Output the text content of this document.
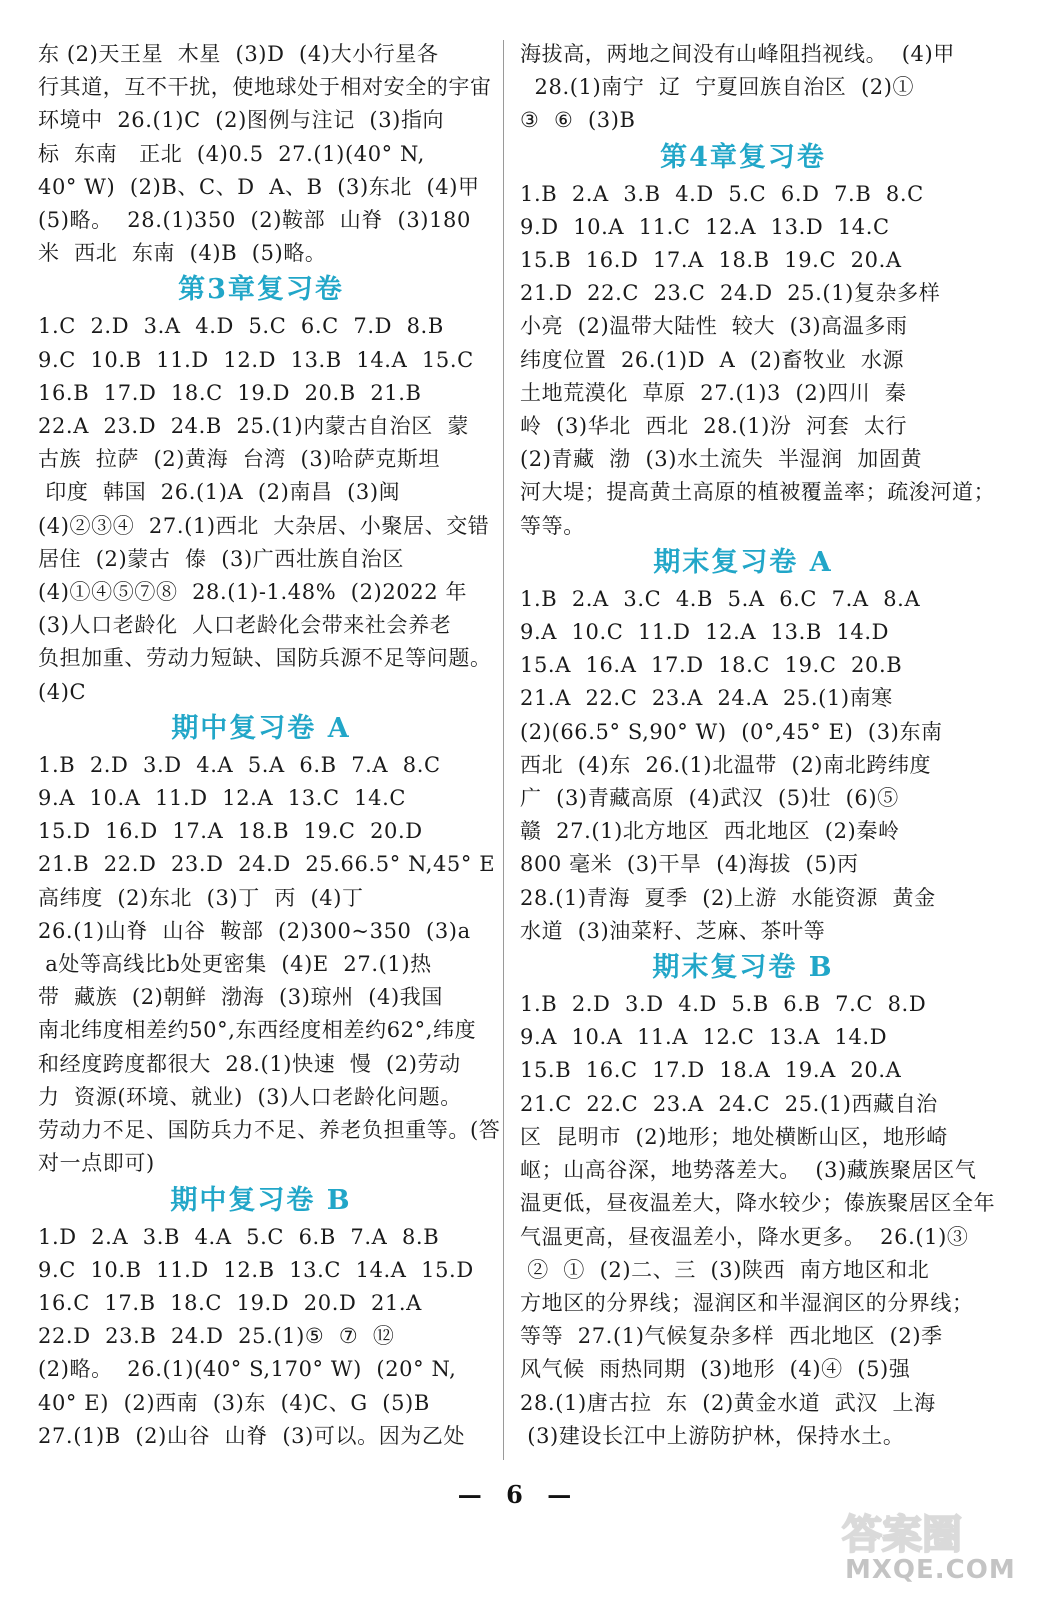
东 (2)天王星  木星  (3)D  (4)大小行星各
行其道，互不干扰，使地球处于相对安全的宇宙
环境中  26.(1)C  (2)图例与注记  (3)指向
标  东南   正北  (4)0.5  27.(1)(40° N,
40° W)  (2)B、C、D  A、B  (3)东北  (4)甲
(5)略。  28.(1)350  (2)鞍部  山脊  (3)180
米  西北  东南  (4)B  (5)略。
第3章复习卷
1.C  2.D  3.A  4.D  5.C  6.C  7.D  8.B
9.C  10.B  11.D  12.D  13.B  14.A  15.C
16.B  17.D  18.C  19.D  20.B  21.B
22.A  23.D  24.B  25.(1)内蒙古自治区  蒙
古族  拉萨  (2)黄海  台湾  (3)哈萨克斯坦
印度  韩国  26.(1)A  (2)南昌  (3)闽
(4)②③④  27.(1)西北  大杂居、小聚居、交错
居住  (2)蒙古  傣  (3)广西壮族自治区
(4)①④⑤⑦⑧  28.(1)-1.48%  (2)2022 年
(3)人口老龄化  人口老龄化会带来社会养老
负担加重、劳动力短缺、国防兵源不足等问题。
(4)C
期中复习卷 A
1.B  2.D  3.D  4.A  5.A  6.B  7.A  8.C
9.A  10.A  11.D  12.A  13.C  14.C
15.D  16.D  17.A  18.B  19.C  20.D
21.B  22.D  23.D  24.D  25.66.5° N,45° E
高纬度  (2)东北  (3)丁  丙  (4)丁
26.(1)山脊  山谷  鞍部  (2)300~350  (3)a
a处等高线比b处更密集  (4)E  27.(1)热
带  藏族  (2)朝鲜  渤海  (3)琼州  (4)我国
南北纬度相差约50°,东西经度相差约62°,纬度
和经度跨度都很大  28.(1)快速  慢  (2)劳动
力  资源(环境、就业)  (3)人口老龄化问题。
劳动力不足、国防兵力不足、养老负担重等。(答
对一点即可)
期中复习卷 B
1.D  2.A  3.B  4.A  5.C  6.B  7.A  8.B
9.C  10.B  11.D  12.B  13.C  14.A  15.D
16.C  17.B  18.C  19.D  20.D  21.A
22.D  23.B  24.D  25.(1)⑤  ⑦  ⑫
(2)略。  26.(1)(40° S,170° W)  (20° N,
40° E)  (2)西南  (3)东  (4)C、G  (5)B
27.(1)B  (2)山谷  山脊  (3)可以。因为乙处
海拔高，两地之间没有山峰阻挡视线。  (4)甲
28.(1)南宁  辽  宁夏回族自治区  (2)①
③  ⑥  (3)B
第4章复习卷
1.B  2.A  3.B  4.D  5.C  6.D  7.B  8.C
9.D  10.A  11.C  12.A  13.D  14.C
15.B  16.D  17.A  18.B  19.C  20.A
21.D  22.C  23.C  24.D  25.(1)复杂多样
小亮  (2)温带大陆性  较大  (3)高温多雨
纬度位置  26.(1)D  A  (2)畜牧业  水源
土地荒漠化  草原  27.(1)3  (2)四川  秦
岭  (3)华北  西北  28.(1)汾  河套  太行
(2)青藏  渤  (3)水土流失  半湿润  加固黄
河大堤；提高黄土高原的植被覆盖率；疏浚河道；
等等。
期末复习卷 A
1.B  2.A  3.C  4.B  5.A  6.C  7.A  8.A
9.A  10.C  11.D  12.A  13.B  14.D
15.A  16.A  17.D  18.C  19.C  20.B
21.A  22.C  23.A  24.A  25.(1)南寒
(2)(66.5° S,90° W)  (0°,45° E)  (3)东南
西北  (4)东  26.(1)北温带  (2)南北跨纬度
广  (3)青藏高原  (4)武汉  (5)壮  (6)⑤
赣  27.(1)北方地区  西北地区  (2)秦岭
800 毫米  (3)干旱  (4)海拔  (5)丙
28.(1)青海  夏季  (2)上游  水能资源  黄金
水道  (3)油菜籽、芝麻、茶叶等
期末复习卷 B
1.B  2.D  3.D  4.D  5.B  6.B  7.C  8.D
9.A  10.A  11.A  12.C  13.A  14.D
15.B  16.C  17.D  18.A  19.A  20.A
21.C  22.C  23.A  24.C  25.(1)西藏自治
区  昆明市  (2)地形；地处横断山区，地形崎
岖；山高谷深，地势落差大。  (3)藏族聚居区气
温更低，昼夜温差大，降水较少；傣族聚居区全年
气温更高，昼夜温差小，降水更多。  26.(1)③
②  ①  (2)二、三  (3)陕西  南方地区和北
方地区的分界线；湿润区和半湿润区的分界线；
等等  27.(1)气候复杂多样  西北地区  (2)季
风气候  雨热同期  (3)地形  (4)④  (5)强
28.(1)唐古拉  东  (2)黄金水道  武汉  上海
(3)建设长江中上游防护林，保持水土。
— 6 —
答案圈
MXQE.COM
